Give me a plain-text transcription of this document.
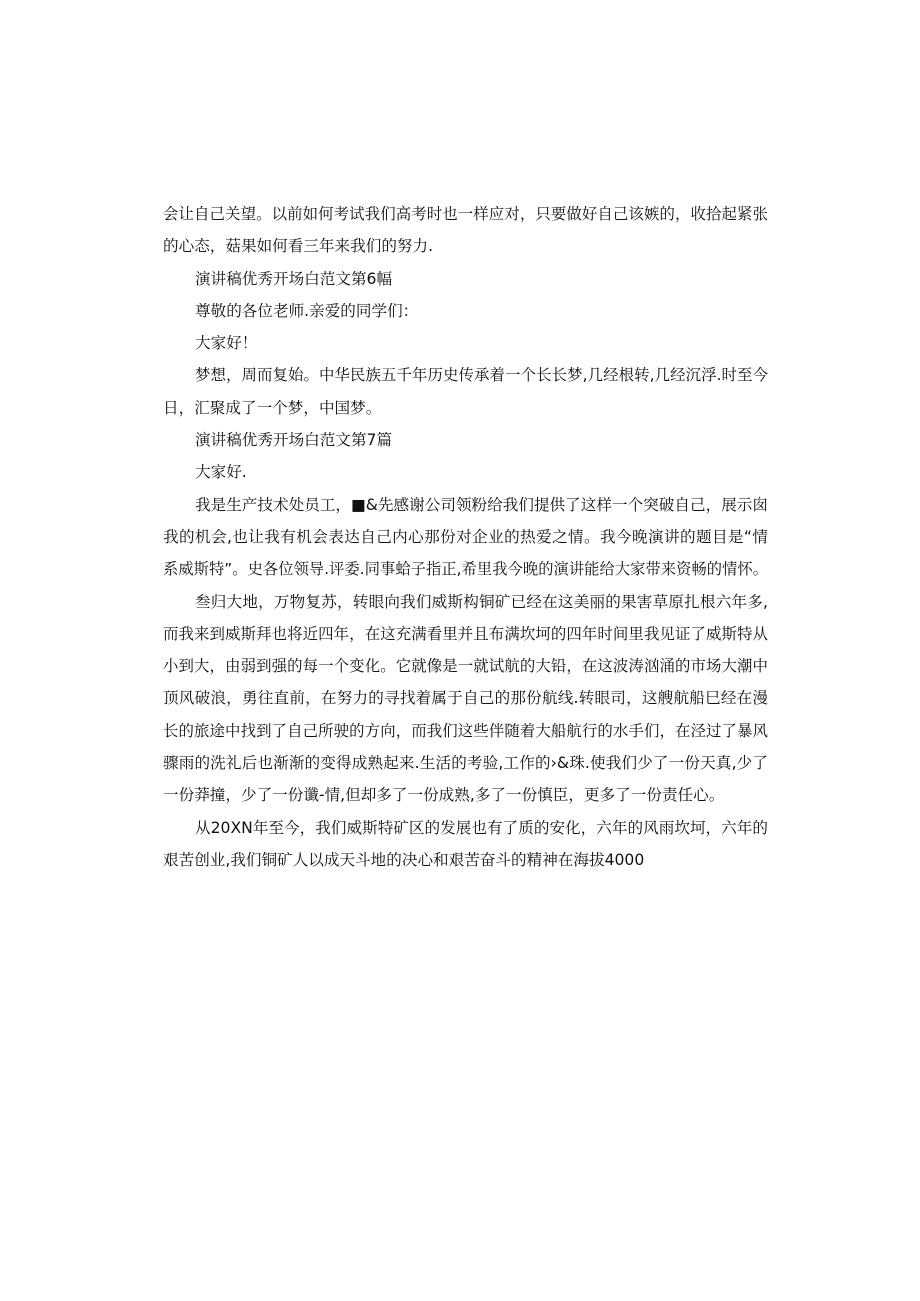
会让自己关望。以前如何考试我们高考时也一样应对，只要做好自己该嫉的，收拾起紧张
的心态，菇果如何看三年来我们的努力.
演讲稿优秀开场白范文第6幅
尊敬的各位老师.亲爱的同学们：
大家好！
梦想，周而复始。中华民族五千年历史传承着一个长长梦,几经根转,几经沉浮.时至今
日，汇聚成了一个梦，中国梦。
演讲稿优秀开场白范文第7篇
大家好.
我是生产技术处员工，■&先感谢公司领粉给我们提供了这样一个突破自己，展示囱
我的机会,也让我有机会表达自己内心那份对企业的热爱之情。我今晚演讲的题目是“情
系威斯特”。史各位领导.评委.同事蛤子指正,希里我今晚的演讲能给大家带来资畅的情怀。
叁归大地，万物复苏，转眼向我们威斯构铜矿已经在这美丽的果害草原扎根六年多,
而我来到威斯拜也将近四年，在这充满看里并且布满坎坷的四年时间里我见证了威斯特从
小到大，由弱到强的每一个变化。它就像是一就试航的大铅，在这波涛汹涌的市场大潮中
顶风破浪，勇往直前，在努力的寻找着属于自己的那份航线.转眼司，这艘航船巳经在漫
长的旅途中找到了自己所驶的方向，而我们这些伴随着大船航行的水手们，在泾过了暴风
骤雨的洗礼后也渐渐的变得成熟起来.生活的考验,工作的›&珠.使我们少了一份天真,少了
一份莽撞，少了一份谶-情,但却多了一份成熟,多了一份慎臣，更多了一份责任心。
从20XN年至今，我们威斯特矿区的发展也有了质的安化，六年的风雨坎坷，六年的
艰苦创业,我们铜矿人以成天斗地的决心和艰苦奋斗的精神在海拔4000
